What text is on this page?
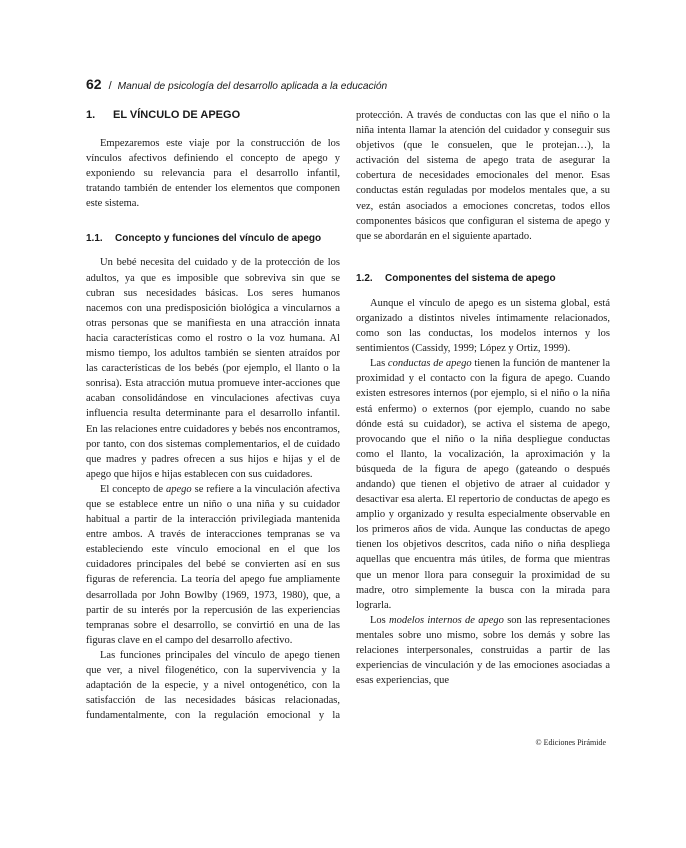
62 / Manual de psicología del desarrollo aplicada a la educación
1.	EL VÍNCULO DE APEGO

Empezaremos este viaje por la construcción de los vínculos afectivos definiendo el concepto de apego y exponiendo su relevancia para el desarrollo infantil, tratando también de entender los elementos que componen este sistema.

1.1.	Concepto y funciones del vínculo de apego

Un bebé necesita del cuidado y de la protección de los adultos, ya que es imposible que sobreviva sin que se cubran sus necesidades básicas. Los seres humanos nacemos con una predisposición biológica a vincularnos a otras personas que se manifiesta en una atracción innata hacia características como el rostro o la voz humana. Al mismo tiempo, los adultos también se sienten atraídos por las características de los bebés (por ejemplo, el llanto o la sonrisa). Esta atracción mutua promueve inter-acciones que acaban consolidándose en vinculaciones afectivas cuya influencia resulta determinante para el desarrollo infantil. En las relaciones entre cuidadores y bebés nos encontramos, por tanto, con dos sistemas complementarios, el de cuidado que madres y padres ofrecen a sus hijos e hijas y el de apego que hijos e hijas establecen con sus cuidadores.

El concepto de apego se refiere a la vinculación afectiva que se establece entre un niño o una niña y su cuidador habitual a partir de la interacción privilegiada mantenida entre ambos. A través de interacciones tempranas se va estableciendo este vínculo emocional en el que los cuidadores principales del bebé se convierten así en sus figuras de referencia. La teoría del apego fue ampliamente desarrollada por John Bowlby (1969, 1973, 1980), que, a partir de su interés por la repercusión de las experiencias tempranas sobre el desarrollo, se convirtió en una de las figuras clave en el campo del desarrollo afectivo.

Las funciones principales del vínculo de apego tienen que ver, a nivel filogenético, con la supervivencia y la adaptación de la especie, y a nivel ontogenético, con la satisfacción de las necesidades básicas relacionadas, fundamentalmente, con la regulación emocional y la

protección. A través de conductas con las que el niño o la niña intenta llamar la atención del cuidador y conseguir sus objetivos (que le consuelen, que le protejan…), la activación del sistema de apego trata de asegurar la cobertura de necesidades emocionales del menor. Esas conductas están reguladas por modelos mentales que, a su vez, están asociados a emociones concretas, todos ellos componentes básicos que configuran el sistema de apego y que se abordarán en el siguiente apartado.

1.2.	Componentes del sistema de apego

Aunque el vínculo de apego es un sistema global, está organizado a distintos niveles íntimamente relacionados, como son las conductas, los modelos internos y los sentimientos (Cassidy, 1999; López y Ortiz, 1999).

Las conductas de apego tienen la función de mantener la proximidad y el contacto con la figura de apego. Cuando existen estresores internos (por ejemplo, si el niño o la niña está enfermo) o externos (por ejemplo, cuando no sabe dónde está su cuidador), se activa el sistema de apego, provocando que el niño o la niña despliegue conductas como el llanto, la vocalización, la aproximación y la búsqueda de la figura de apego (gateando o después andando) que tienen el objetivo de atraer al cuidador y desactivar esa alerta. El repertorio de conductas de apego es amplio y organizado y resulta especialmente observable en los primeros años de vida. Aunque las conductas de apego tienen los objetivos descritos, cada niño o niña despliega aquellas que encuentra más útiles, de forma que mientras que un menor llora para conseguir la proximidad de su madre, otro simplemente la busca con la mirada para lograrla.

Los modelos internos de apego son las representaciones mentales sobre uno mismo, sobre los demás y sobre las relaciones interpersonales, construidas a partir de las experiencias de vinculación y de las emociones asociadas a esas experiencias, que

© Ediciones Pirámide
